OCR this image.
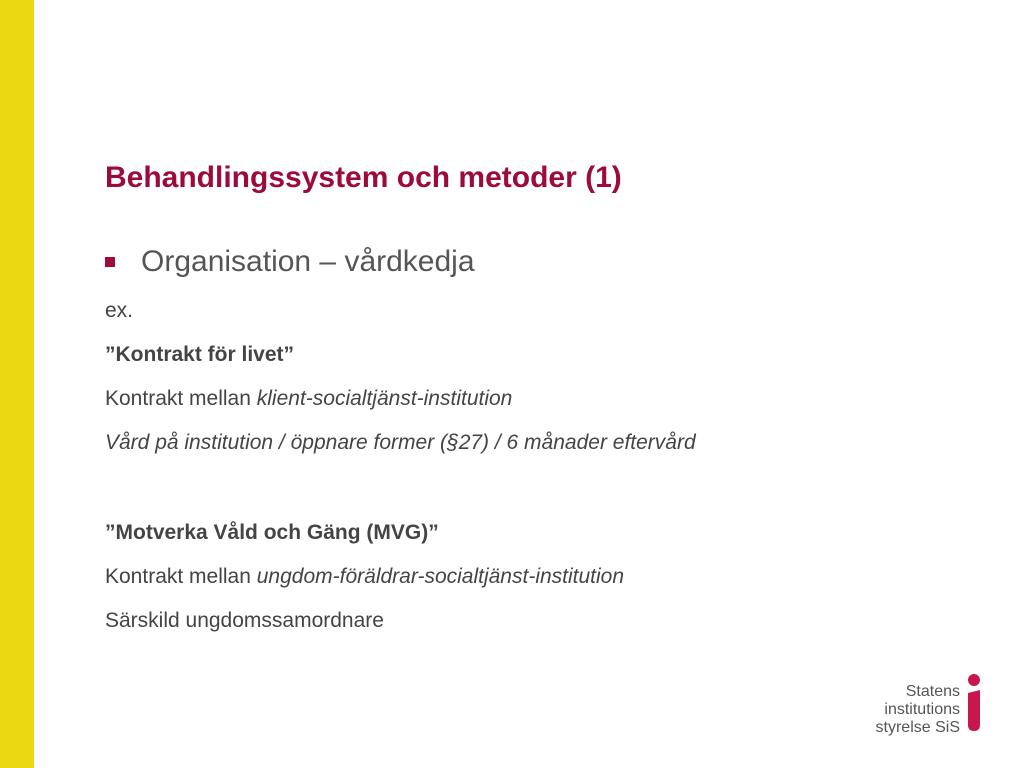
Behandlingssystem och metoder (1)
Organisation – vårdkedja
ex.
”Kontrakt för livet”
Kontrakt mellan klient-socialtjänst-institution
Vård på institution / öppnare former (§27) / 6 månader eftervård
”Motverka Våld och Gäng (MVG)”
Kontrakt mellan ungdom-föräldrar-socialtjänst-institution
Särskild ungdomssamordnare
Statens
institutions
styrelse SiS
